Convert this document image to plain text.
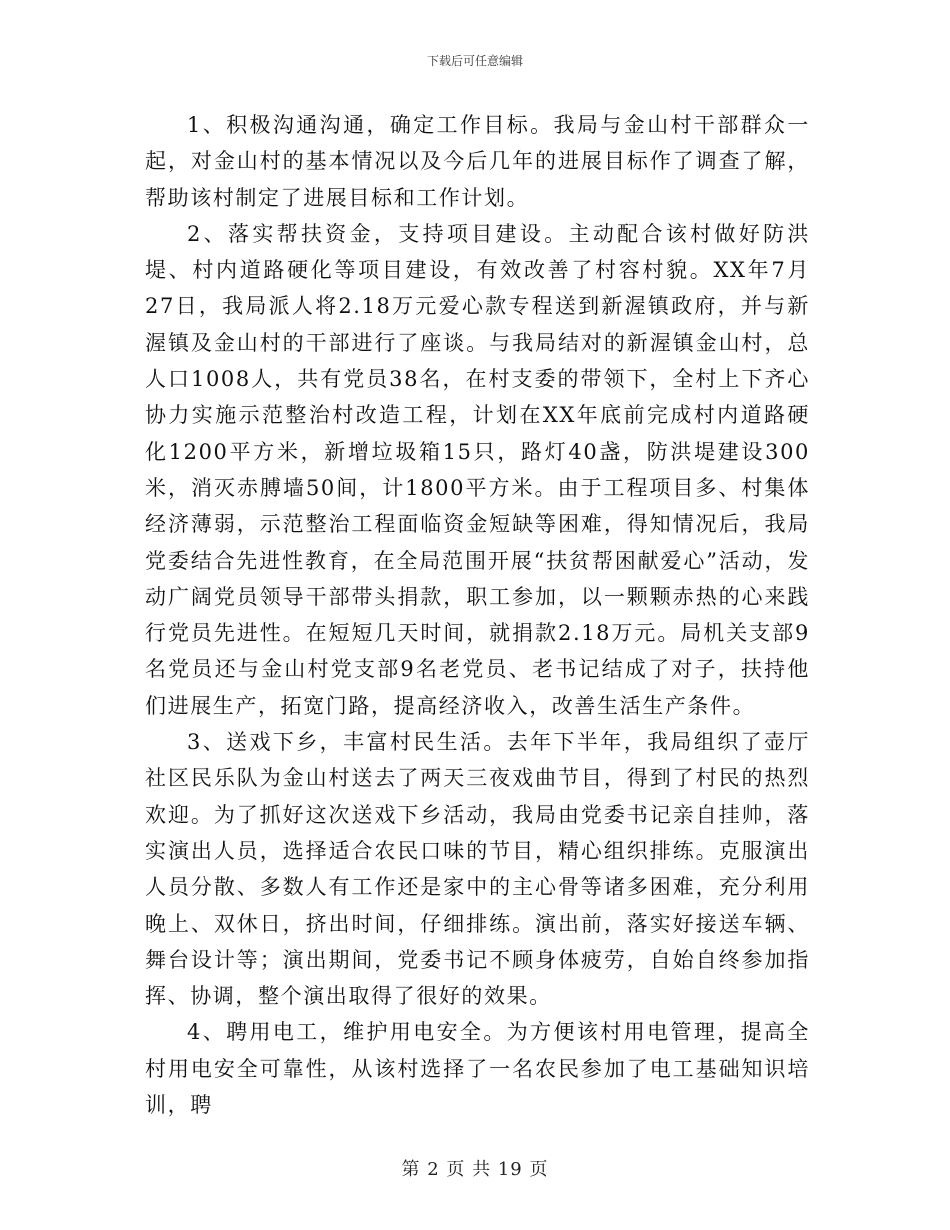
下载后可任意编辑

1、积极沟通沟通，确定工作目标。我局与金山村干部群众一起，对金山村的基本情况以及今后几年的进展目标作了调查了解，帮助该村制定了进展目标和工作计划。

2、落实帮扶资金，支持项目建设。主动配合该村做好防洪堤、村内道路硬化等项目建设，有效改善了村容村貌。XX年7月27日，我局派人将2.18万元爱心款专程送到新渥镇政府，并与新渥镇及金山村的干部进行了座谈。与我局结对的新渥镇金山村，总人口1008人，共有党员38名，在村支委的带领下，全村上下齐心协力实施示范整治村改造工程，计划在XX年底前完成村内道路硬化1200平方米，新增垃圾箱15只，路灯40盏，防洪堤建设300米，消灭赤膊墙50间，计1800平方米。由于工程项目多、村集体经济薄弱，示范整治工程面临资金短缺等困难，得知情况后，我局党委结合先进性教育，在全局范围开展“扶贫帮困献爱心”活动，发动广阔党员领导干部带头捐款，职工参加，以一颗颗赤热的心来践行党员先进性。在短短几天时间，就捐款2.18万元。局机关支部9名党员还与金山村党支部9名老党员、老书记结成了对子，扶持他们进展生产，拓宽门路，提高经济收入，改善生活生产条件。

3、送戏下乡，丰富村民生活。去年下半年，我局组织了壶厅社区民乐队为金山村送去了两天三夜戏曲节目，得到了村民的热烈欢迎。为了抓好这次送戏下乡活动，我局由党委书记亲自挂帅，落实演出人员，选择适合农民口味的节目，精心组织排练。克服演出人员分散、多数人有工作还是家中的主心骨等诸多困难，充分利用晚上、双休日，挤出时间，仔细排练。演出前，落实好接送车辆、舞台设计等；演出期间，党委书记不顾身体疲劳，自始自终参加指挥、协调，整个演出取得了很好的效果。

4、聘用电工，维护用电安全。为方便该村用电管理，提高全村用电安全可靠性，从该村选择了一名农民参加了电工基础知识培训，聘

第 2 页 共 19 页
